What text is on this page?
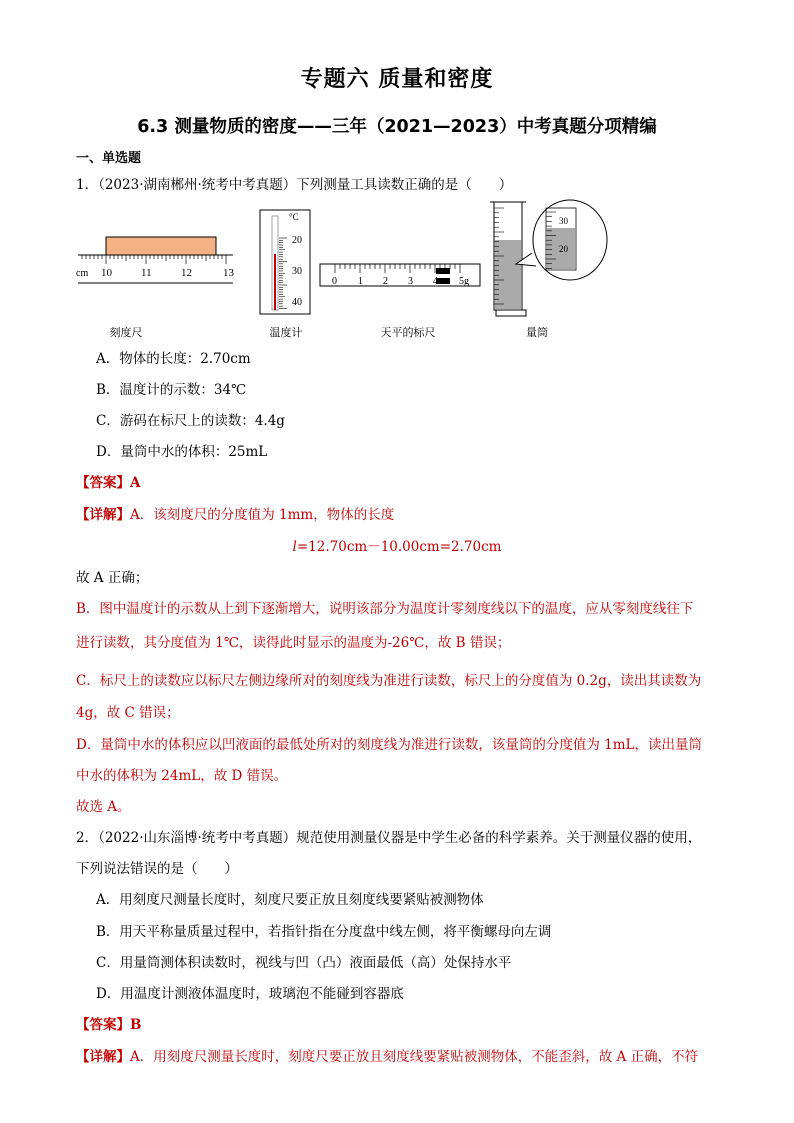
专题六 质量和密度
6.3 测量物质的密度——三年（2021—2023）中考真题分项精编
一、单选题
1．（2023·湖南郴州·统考中考真题）下列测量工具读数正确的是（　　）
cm 10	11	12	13
°C
20
30
40
0 1 2 3 4 5g
30
20
刻度尺	温度计	天平的标尺	量筒
A．物体的长度：2.70cm
B．温度计的示数：34℃
C．游码在标尺上的读数：4.4g
D．量筒中水的体积：25mL
【答案】A
【详解】A．该刻度尺的分度值为 1mm，物体的长度
l=12.70cm－10.00cm=2.70cm
故 A 正确；
B．图中温度计的示数从上到下逐渐增大，说明该部分为温度计零刻度线以下的温度，应从零刻度线往下
进行读数，其分度值为 1℃，读得此时显示的温度为-26℃，故 B 错误；
C．标尺上的读数应以标尺左侧边缘所对的刻度线为准进行读数，标尺上的分度值为 0.2g，读出其读数为
4g，故 C 错误；
D．量筒中水的体积应以凹液面的最低处所对的刻度线为准进行读数，该量筒的分度值为 1mL，读出量筒
中水的体积为 24mL，故 D 错误。
故选 A。
2．（2022·山东淄博·统考中考真题）规范使用测量仪器是中学生必备的科学素养。关于测量仪器的使用，
下列说法错误的是（　　）
A．用刻度尺测量长度时，刻度尺要正放且刻度线要紧贴被测物体
B．用天平称量质量过程中，若指针指在分度盘中线左侧，将平衡螺母向左调
C．用量筒测体积读数时，视线与凹（凸）液面最低（高）处保持水平
D．用温度计测液体温度时，玻璃泡不能碰到容器底
【答案】B
【详解】A．用刻度尺测量长度时，刻度尺要正放且刻度线要紧贴被测物体，不能歪斜，故 A 正确，不符
